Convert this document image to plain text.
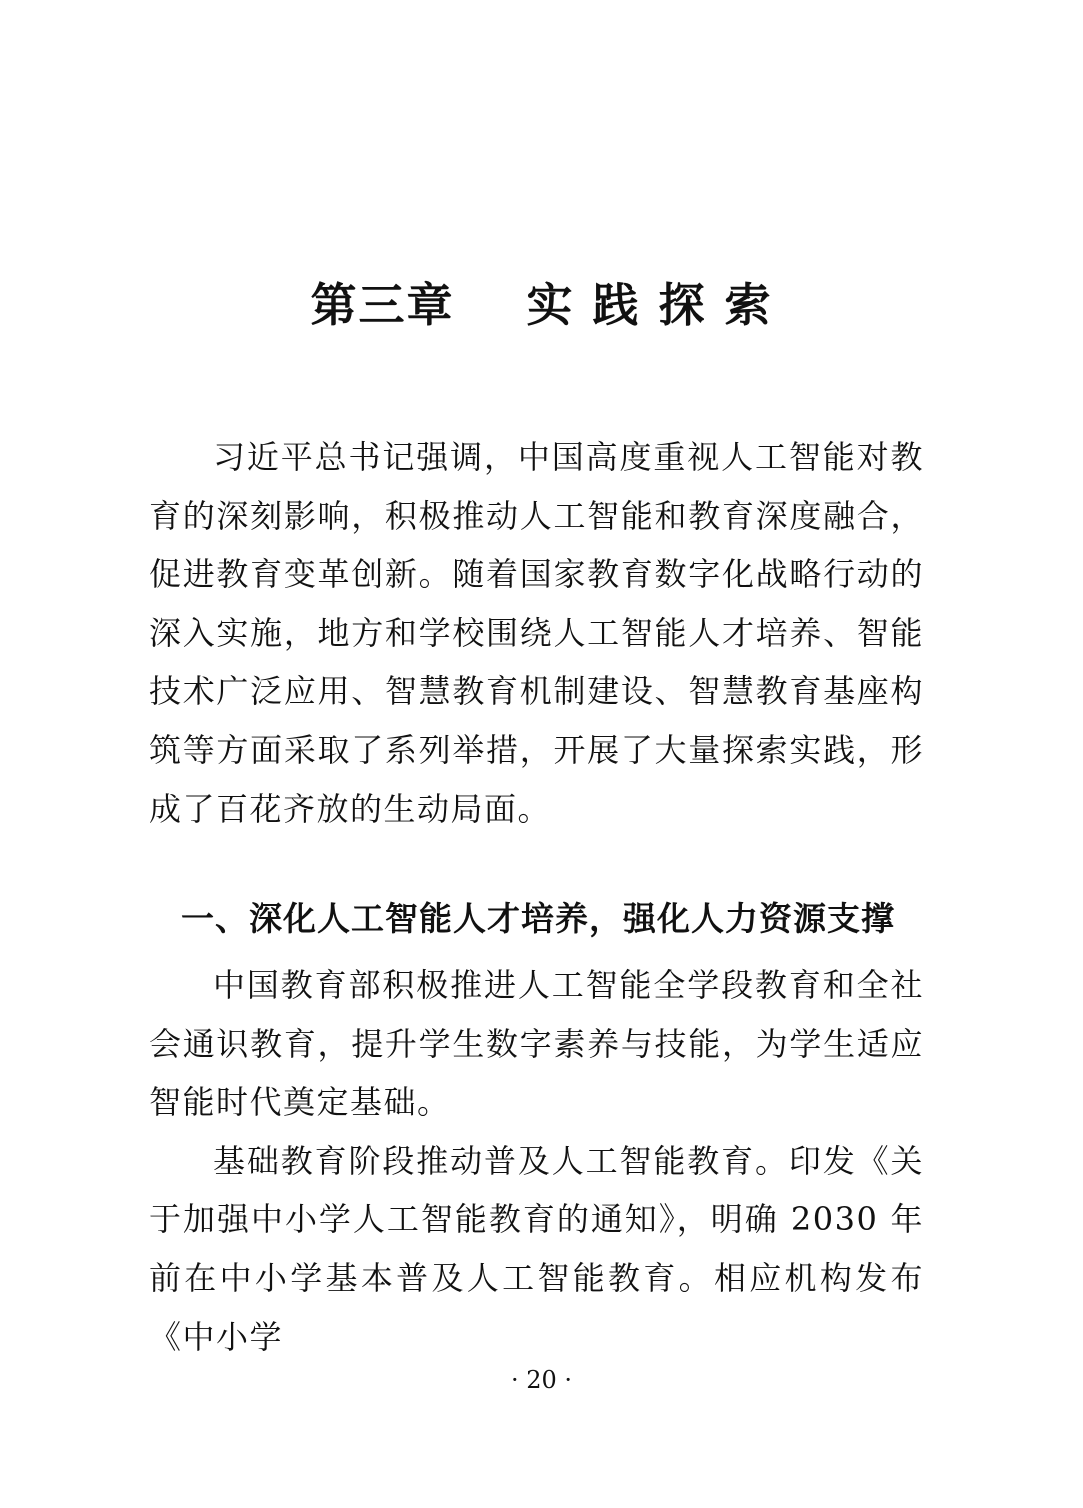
第三章    实 践 探 索

习近平总书记强调，中国高度重视人工智能对教育的深刻影响，积极推动人工智能和教育深度融合，促进教育变革创新。随着国家教育数字化战略行动的深入实施，地方和学校围绕人工智能人才培养、智能技术广泛应用、智慧教育机制建设、智慧教育基座构筑等方面采取了系列举措，开展了大量探索实践，形成了百花齐放的生动局面。

一、深化人工智能人才培养，强化人力资源支撑

中国教育部积极推进人工智能全学段教育和全社会通识教育，提升学生数字素养与技能，为学生适应智能时代奠定基础。

基础教育阶段推动普及人工智能教育。印发《关于加强中小学人工智能教育的通知》，明确 2030 年前在中小学基本普及人工智能教育。相应机构发布《中小学

· 20 ·
